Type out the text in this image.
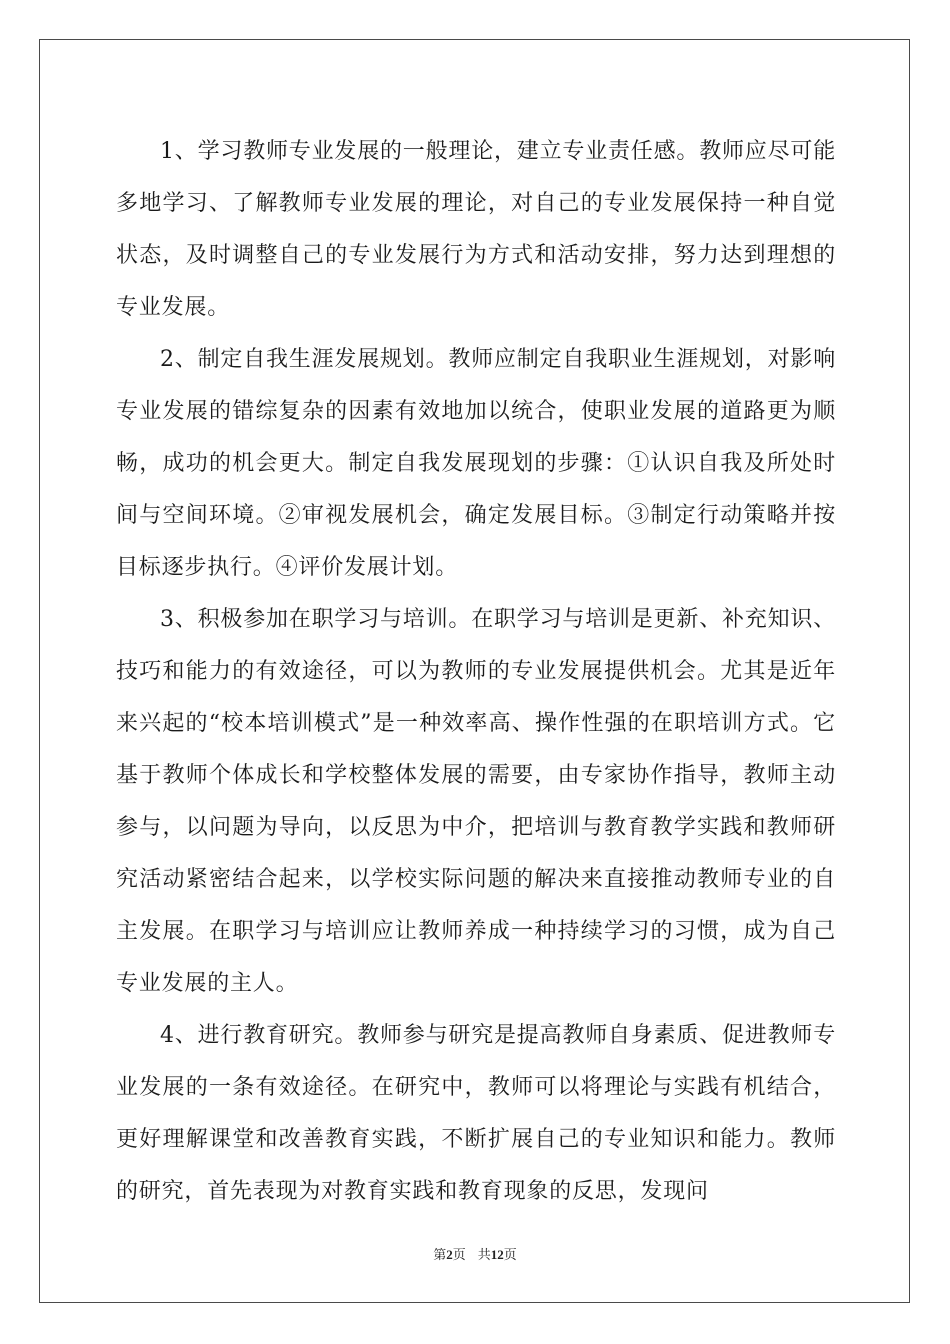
1、学习教师专业发展的一般理论，建立专业责任感。教师应尽可能多地学习、了解教师专业发展的理论，对自己的专业发展保持一种自觉状态，及时调整自己的专业发展行为方式和活动安排，努力达到理想的专业发展。

2、制定自我生涯发展规划。教师应制定自我职业生涯规划，对影响专业发展的错综复杂的因素有效地加以统合，使职业发展的道路更为顺畅，成功的机会更大。制定自我发展现划的步骤：①认识自我及所处时间与空间环境。②审视发展机会，确定发展目标。③制定行动策略并按目标逐步执行。④评价发展计划。

3、积极参加在职学习与培训。在职学习与培训是更新、补充知识、技巧和能力的有效途径，可以为教师的专业发展提供机会。尤其是近年来兴起的“校本培训模式”是一种效率高、操作性强的在职培训方式。它基于教师个体成长和学校整体发展的需要，由专家协作指导，教师主动参与，以问题为导向，以反思为中介，把培训与教育教学实践和教师研究活动紧密结合起来，以学校实际问题的解决来直接推动教师专业的自主发展。在职学习与培训应让教师养成一种持续学习的习惯，成为自己专业发展的主人。

4、进行教育研究。教师参与研究是提高教师自身素质、促进教师专业发展的一条有效途径。在研究中，教师可以将理论与实践有机结合，更好理解课堂和改善教育实践，不断扩展自己的专业知识和能力。教师的研究，首先表现为对教育实践和教育现象的反思，发现问

第2页 共12页
